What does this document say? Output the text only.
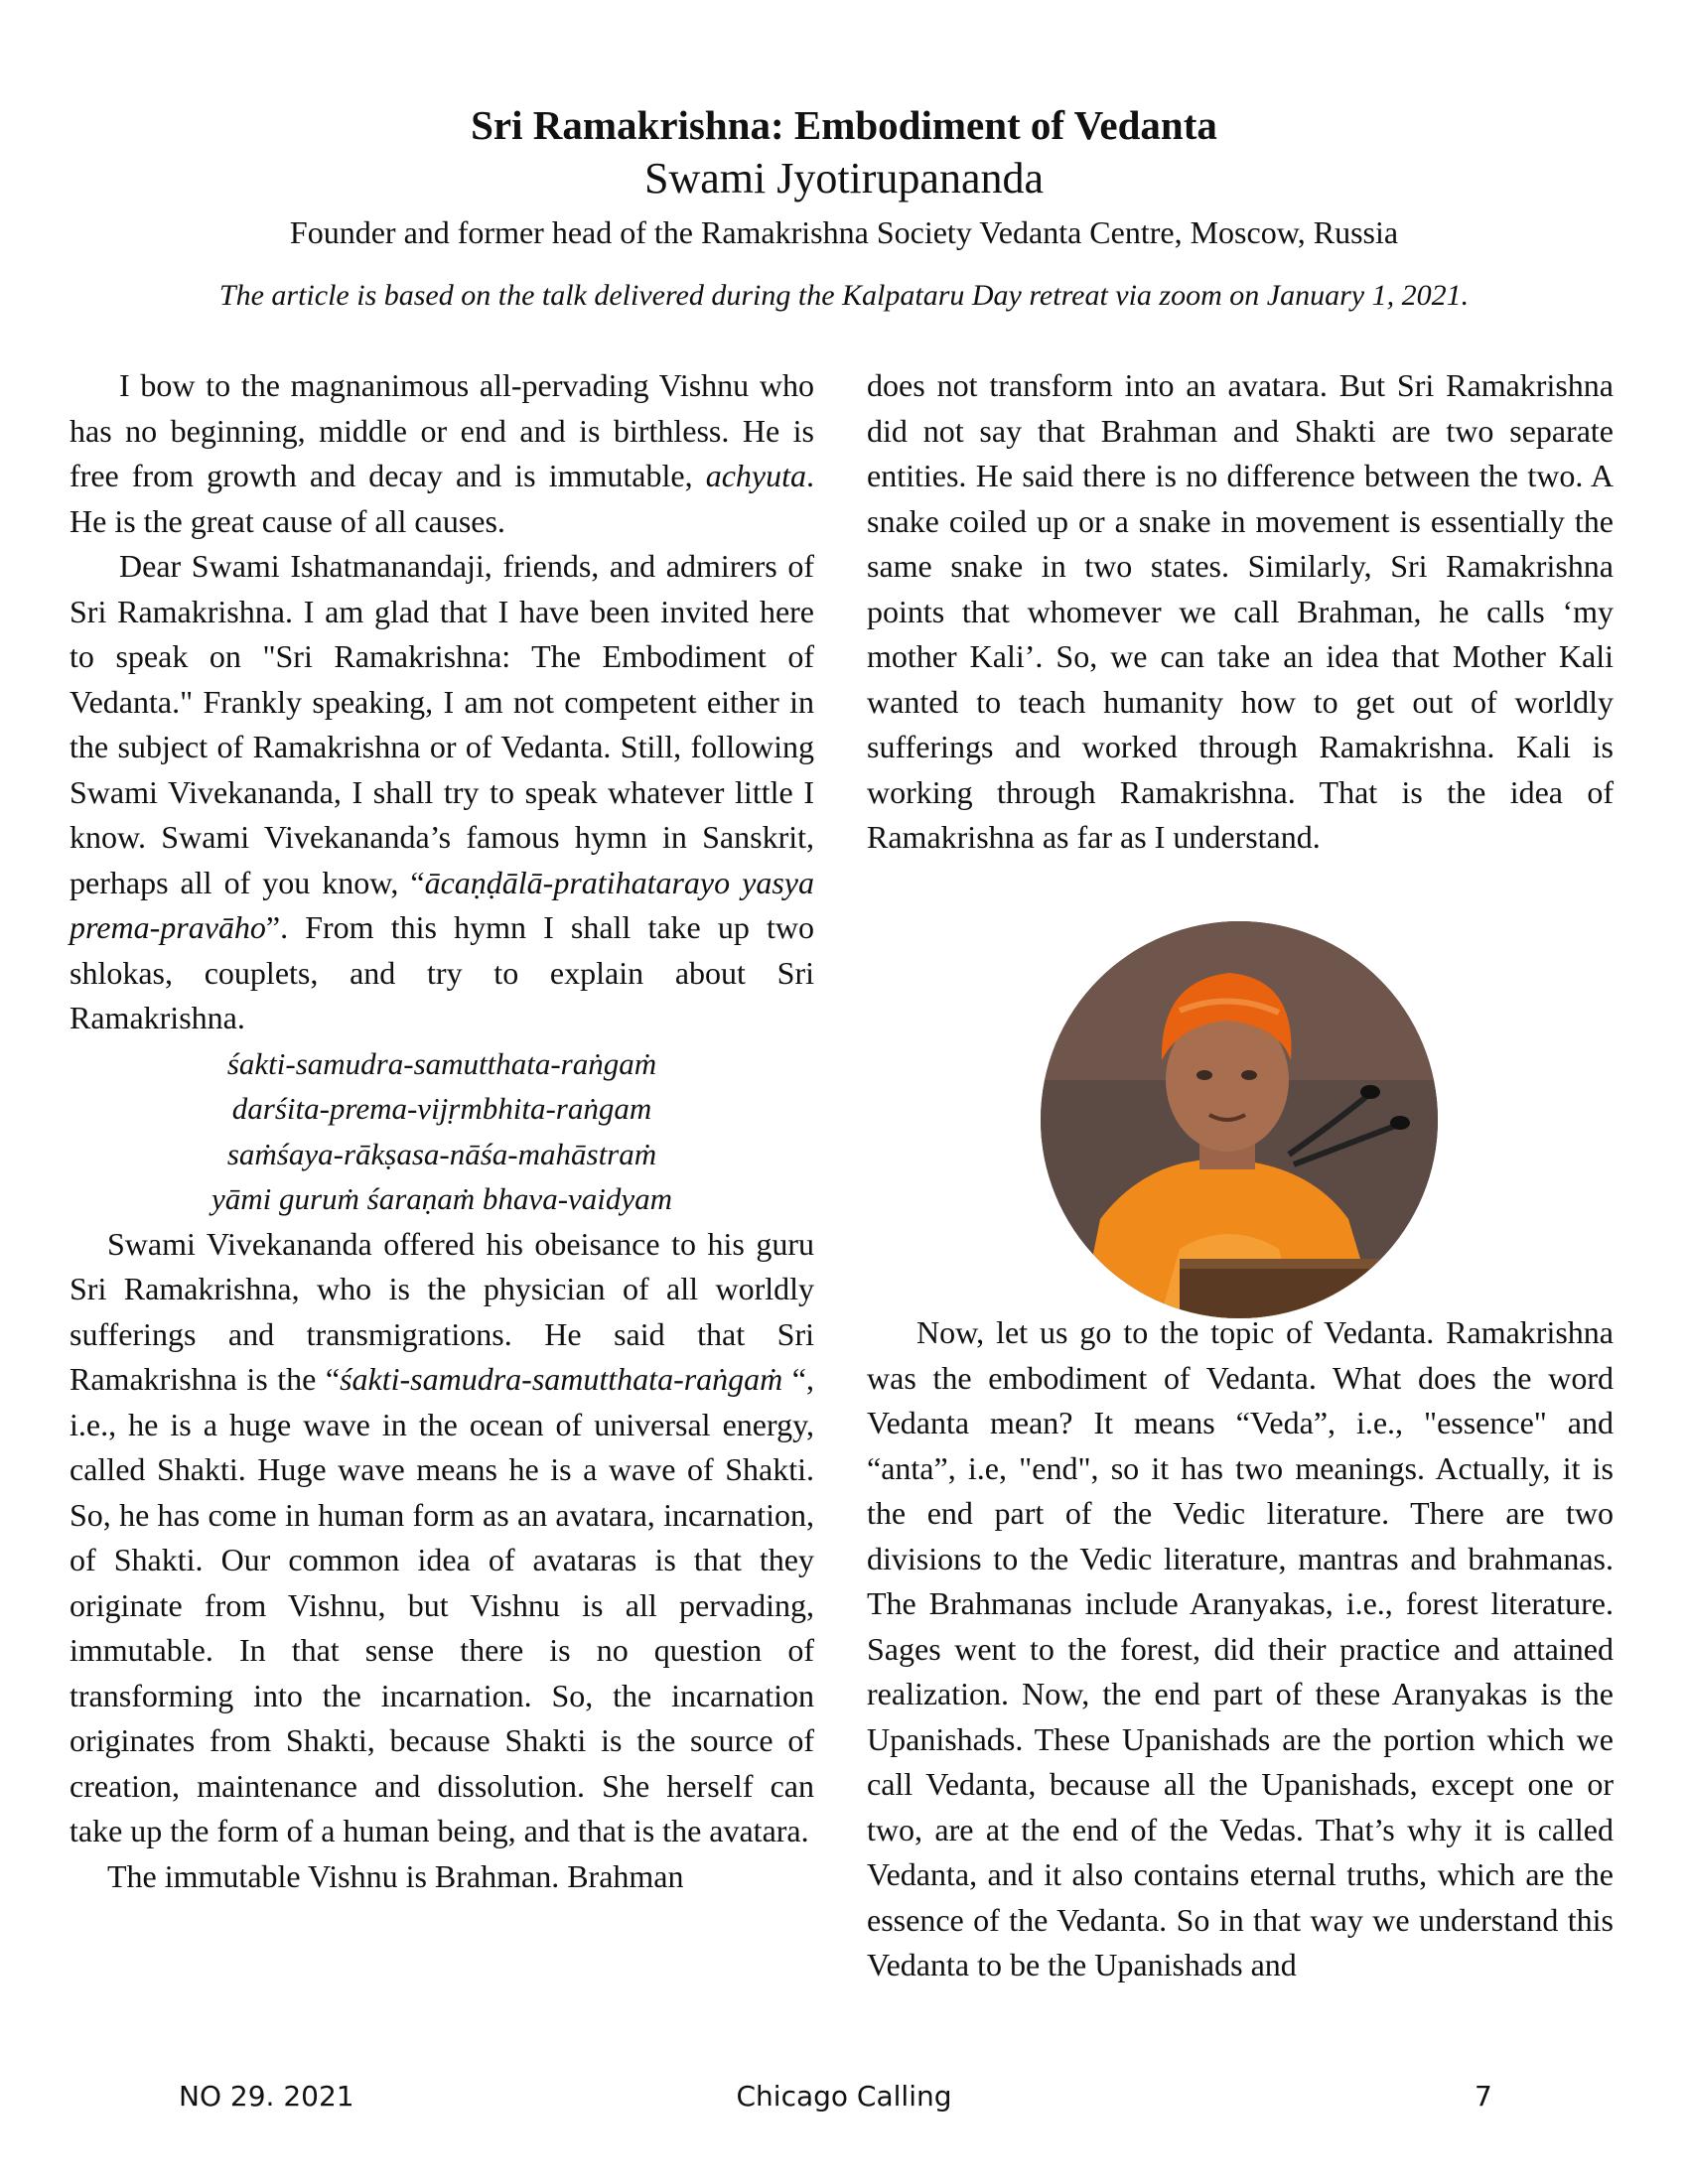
Sri Ramakrishna: Embodiment of Vedanta
Swami Jyotirupananda
Founder and former head of the Ramakrishna Society Vedanta Centre, Moscow, Russia
The article is based on the talk delivered during the Kalpataru Day retreat via zoom on January 1, 2021.

I bow to the magnanimous all-pervading Vishnu who has no beginning, middle or end and is birthless. He is free from growth and decay and is immutable, achyuta. He is the great cause of all causes.

Dear Swami Ishatmanandaji, friends, and admirers of Sri Ramakrishna. I am glad that I have been invited here to speak on "Sri Ramakrishna: The Embodiment of Vedanta." Frankly speaking, I am not competent either in the subject of Ramakrishna or of Vedanta. Still, following Swami Vivekananda, I shall try to speak whatever little I know. Swami Vivekananda’s famous hymn in Sanskrit, perhaps all of you know, “ācaṇḍālā-pratihatarayo yasya prema-pravāho”. From this hymn I shall take up two shlokas, couplets, and try to explain about Sri Ramakrishna.

śakti-samudra-samutthata-raṅgaṁ
darśita-prema-vijṛmbhita-raṅgam
saṁśaya-rākṣasa-nāśa-mahāstraṁ
yāmi guruṁ śaraṇaṁ bhava-vaidyam

Swami Vivekananda offered his obeisance to his guru Sri Ramakrishna, who is the physician of all worldly sufferings and transmigrations. He said that Sri Ramakrishna is the “śakti-samudra-samutthata-raṅgaṁ “, i.e., he is a huge wave in the ocean of universal energy, called Shakti. Huge wave means he is a wave of Shakti. So, he has come in human form as an avatara, incarnation, of Shakti. Our common idea of avataras is that they originate from Vishnu, but Vishnu is all pervading, immutable. In that sense there is no question of transforming into the incarnation. So, the incarnation originates from Shakti, because Shakti is the source of creation, maintenance and dissolution. She herself can take up the form of a human being, and that is the avatara.

The immutable Vishnu is Brahman. Brahman

does not transform into an avatara. But Sri Ramakrishna did not say that Brahman and Shakti are two separate entities. He said there is no difference between the two. A snake coiled up or a snake in movement is essentially the same snake in two states. Similarly, Sri Ramakrishna points that whomever we call Brahman, he calls ‘my mother Kali’. So, we can take an idea that Mother Kali wanted to teach humanity how to get out of worldly sufferings and worked through Ramakrishna. Kali is working through Ramakrishna. That is the idea of Ramakrishna as far as I understand.

Now, let us go to the topic of Vedanta. Ramakrishna was the embodiment of Vedanta. What does the word Vedanta mean? It means “Veda”, i.e., "essence" and “anta”, i.e, "end", so it has two meanings. Actually, it is the end part of the Vedic literature. There are two divisions to the Vedic literature, mantras and brahmanas. The Brahmanas include Aranyakas, i.e., forest literature. Sages went to the forest, did their practice and attained realization. Now, the end part of these Aranyakas is the Upanishads. These Upanishads are the portion which we call Vedanta, because all the Upanishads, except one or two, are at the end of the Vedas. That’s why it is called Vedanta, and it also contains eternal truths, which are the essence of the Vedanta. So in that way we understand this Vedanta to be the Upanishads and

NO 29. 2021	Chicago Calling	7
